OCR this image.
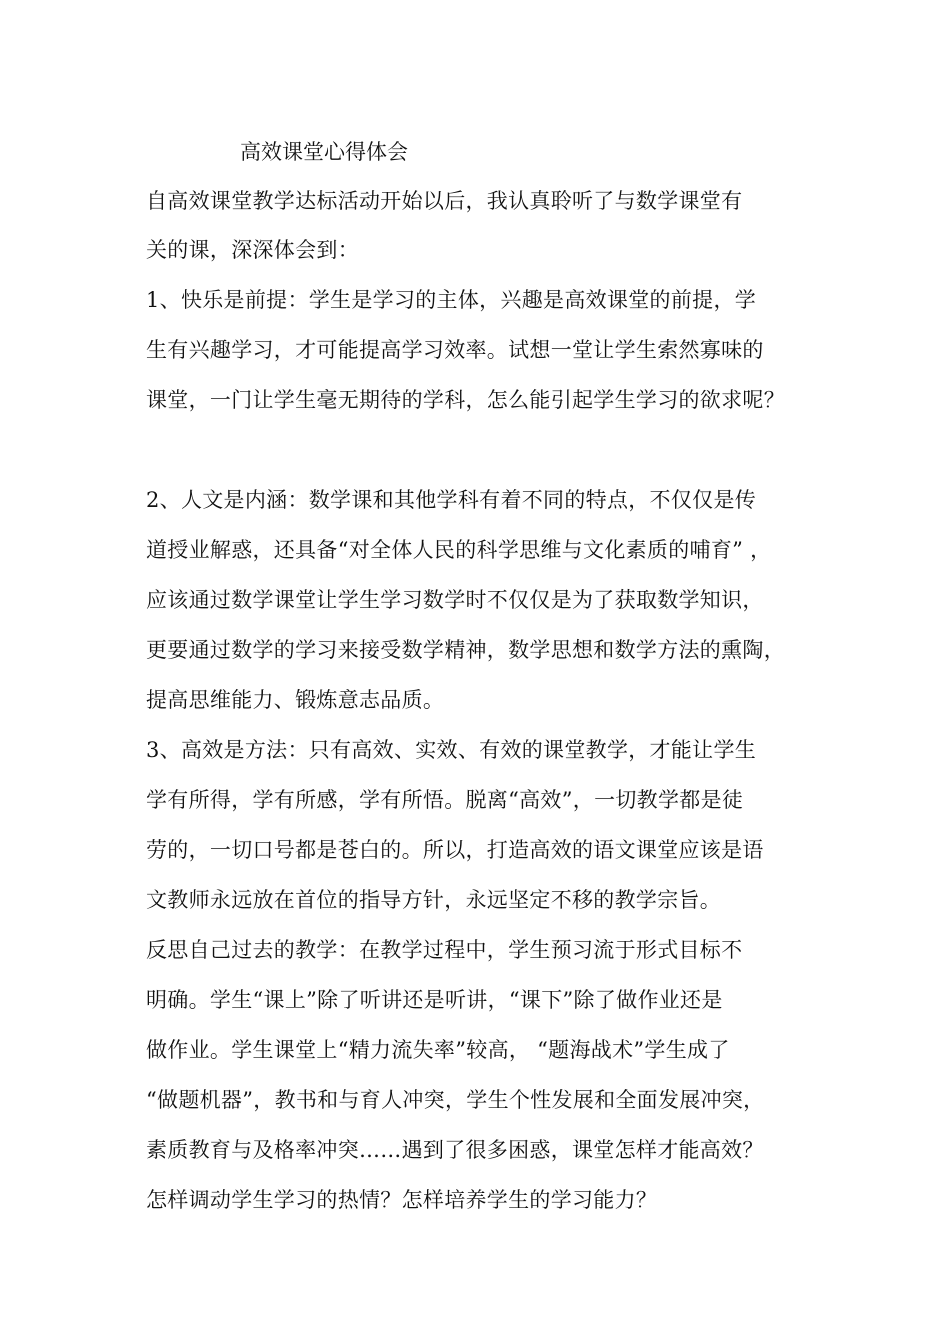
高效课堂心得体会
自高效课堂教学达标活动开始以后，我认真聆听了与数学课堂有
关的课，深深体会到：
1、快乐是前提：学生是学习的主体，兴趣是高效课堂的前提，学
生有兴趣学习，才可能提高学习效率。试想一堂让学生索然寡味的
课堂，一门让学生毫无期待的学科，怎么能引起学生学习的欲求呢？
2、人文是内涵：数学课和其他学科有着不同的特点，不仅仅是传
道授业解惑，还具备“对全体人民的科学思维与文化素质的哺育” ，
应该通过数学课堂让学生学习数学时不仅仅是为了获取数学知识，
更要通过数学的学习来接受数学精神，数学思想和数学方法的熏陶，
提高思维能力、锻炼意志品质。
3、高效是方法：只有高效、实效、有效的课堂教学，才能让学生
学有所得，学有所感，学有所悟。脱离“高效”，一切教学都是徒
劳的，一切口号都是苍白的。所以，打造高效的语文课堂应该是语
文教师永远放在首位的指导方针，永远坚定不移的教学宗旨。
反思自己过去的教学：在教学过程中，学生预习流于形式目标不
明确。学生“课上”除了听讲还是听讲，“课下”除了做作业还是
做作业。学生课堂上“精力流失率”较高， “题海战术”学生成了
“做题机器”，教书和与育人冲突，学生个性发展和全面发展冲突，
素质教育与及格率冲突……遇到了很多困惑，课堂怎样才能高效？
怎样调动学生学习的热情？怎样培养学生的学习能力？
